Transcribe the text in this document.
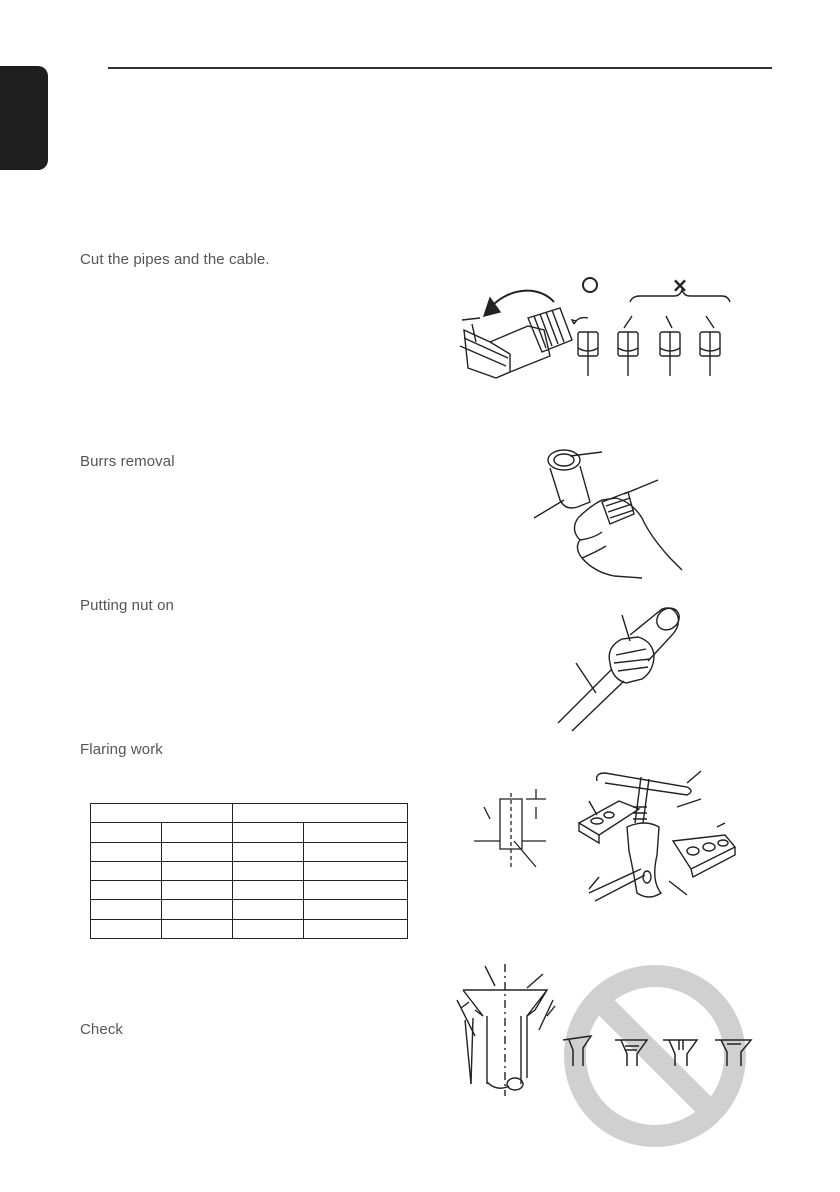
Cut the pipes and the cable.
Burrs removal
Putting nut on
Flaring work
Check
×
